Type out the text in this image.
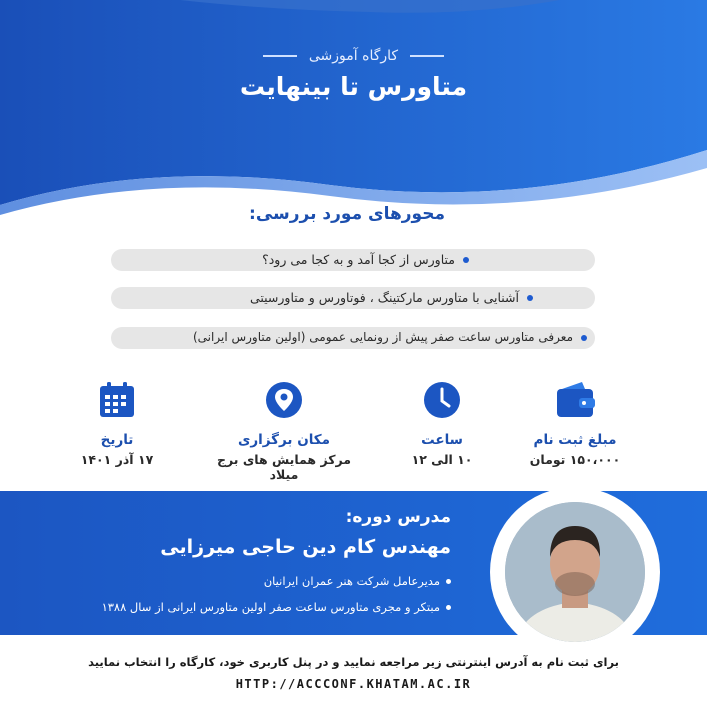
کارگاه آموزشی
متاورس تا بینهایت
محورهای مورد بررسی:
متاورس از کجا آمد و به کجا می رود؟
آشنایی با متاورس مارکتینگ ، فوتاورس و متاورسیتی
معرفی متاورس ساعت صفر پیش از رونمایی عمومی (اولین متاورس ایرانی)
مبلغ ثبت نام
۱۵۰،۰۰۰ تومان
ساعت
۱۰ الی ۱۲
مکان برگزاری
مرکز همایش های برج میلاد
تاریخ
۱۷ آذر ۱۴۰۱
مدرس دوره:
مهندس کام دین حاجی میرزایی
مدیرعامل شرکت هنر عمران ایرانیان
مبتکر و مجری متاورس ساعت صفر اولین متاورس ایرانی از سال ۱۳۸۸
برای ثبت نام به آدرس اینترنتی زیر مراجعه نمایید و در پنل کاربری خود، کارگاه را انتخاب نمایید
HTTP://ACCCONF.KHATAM.AC.IR
